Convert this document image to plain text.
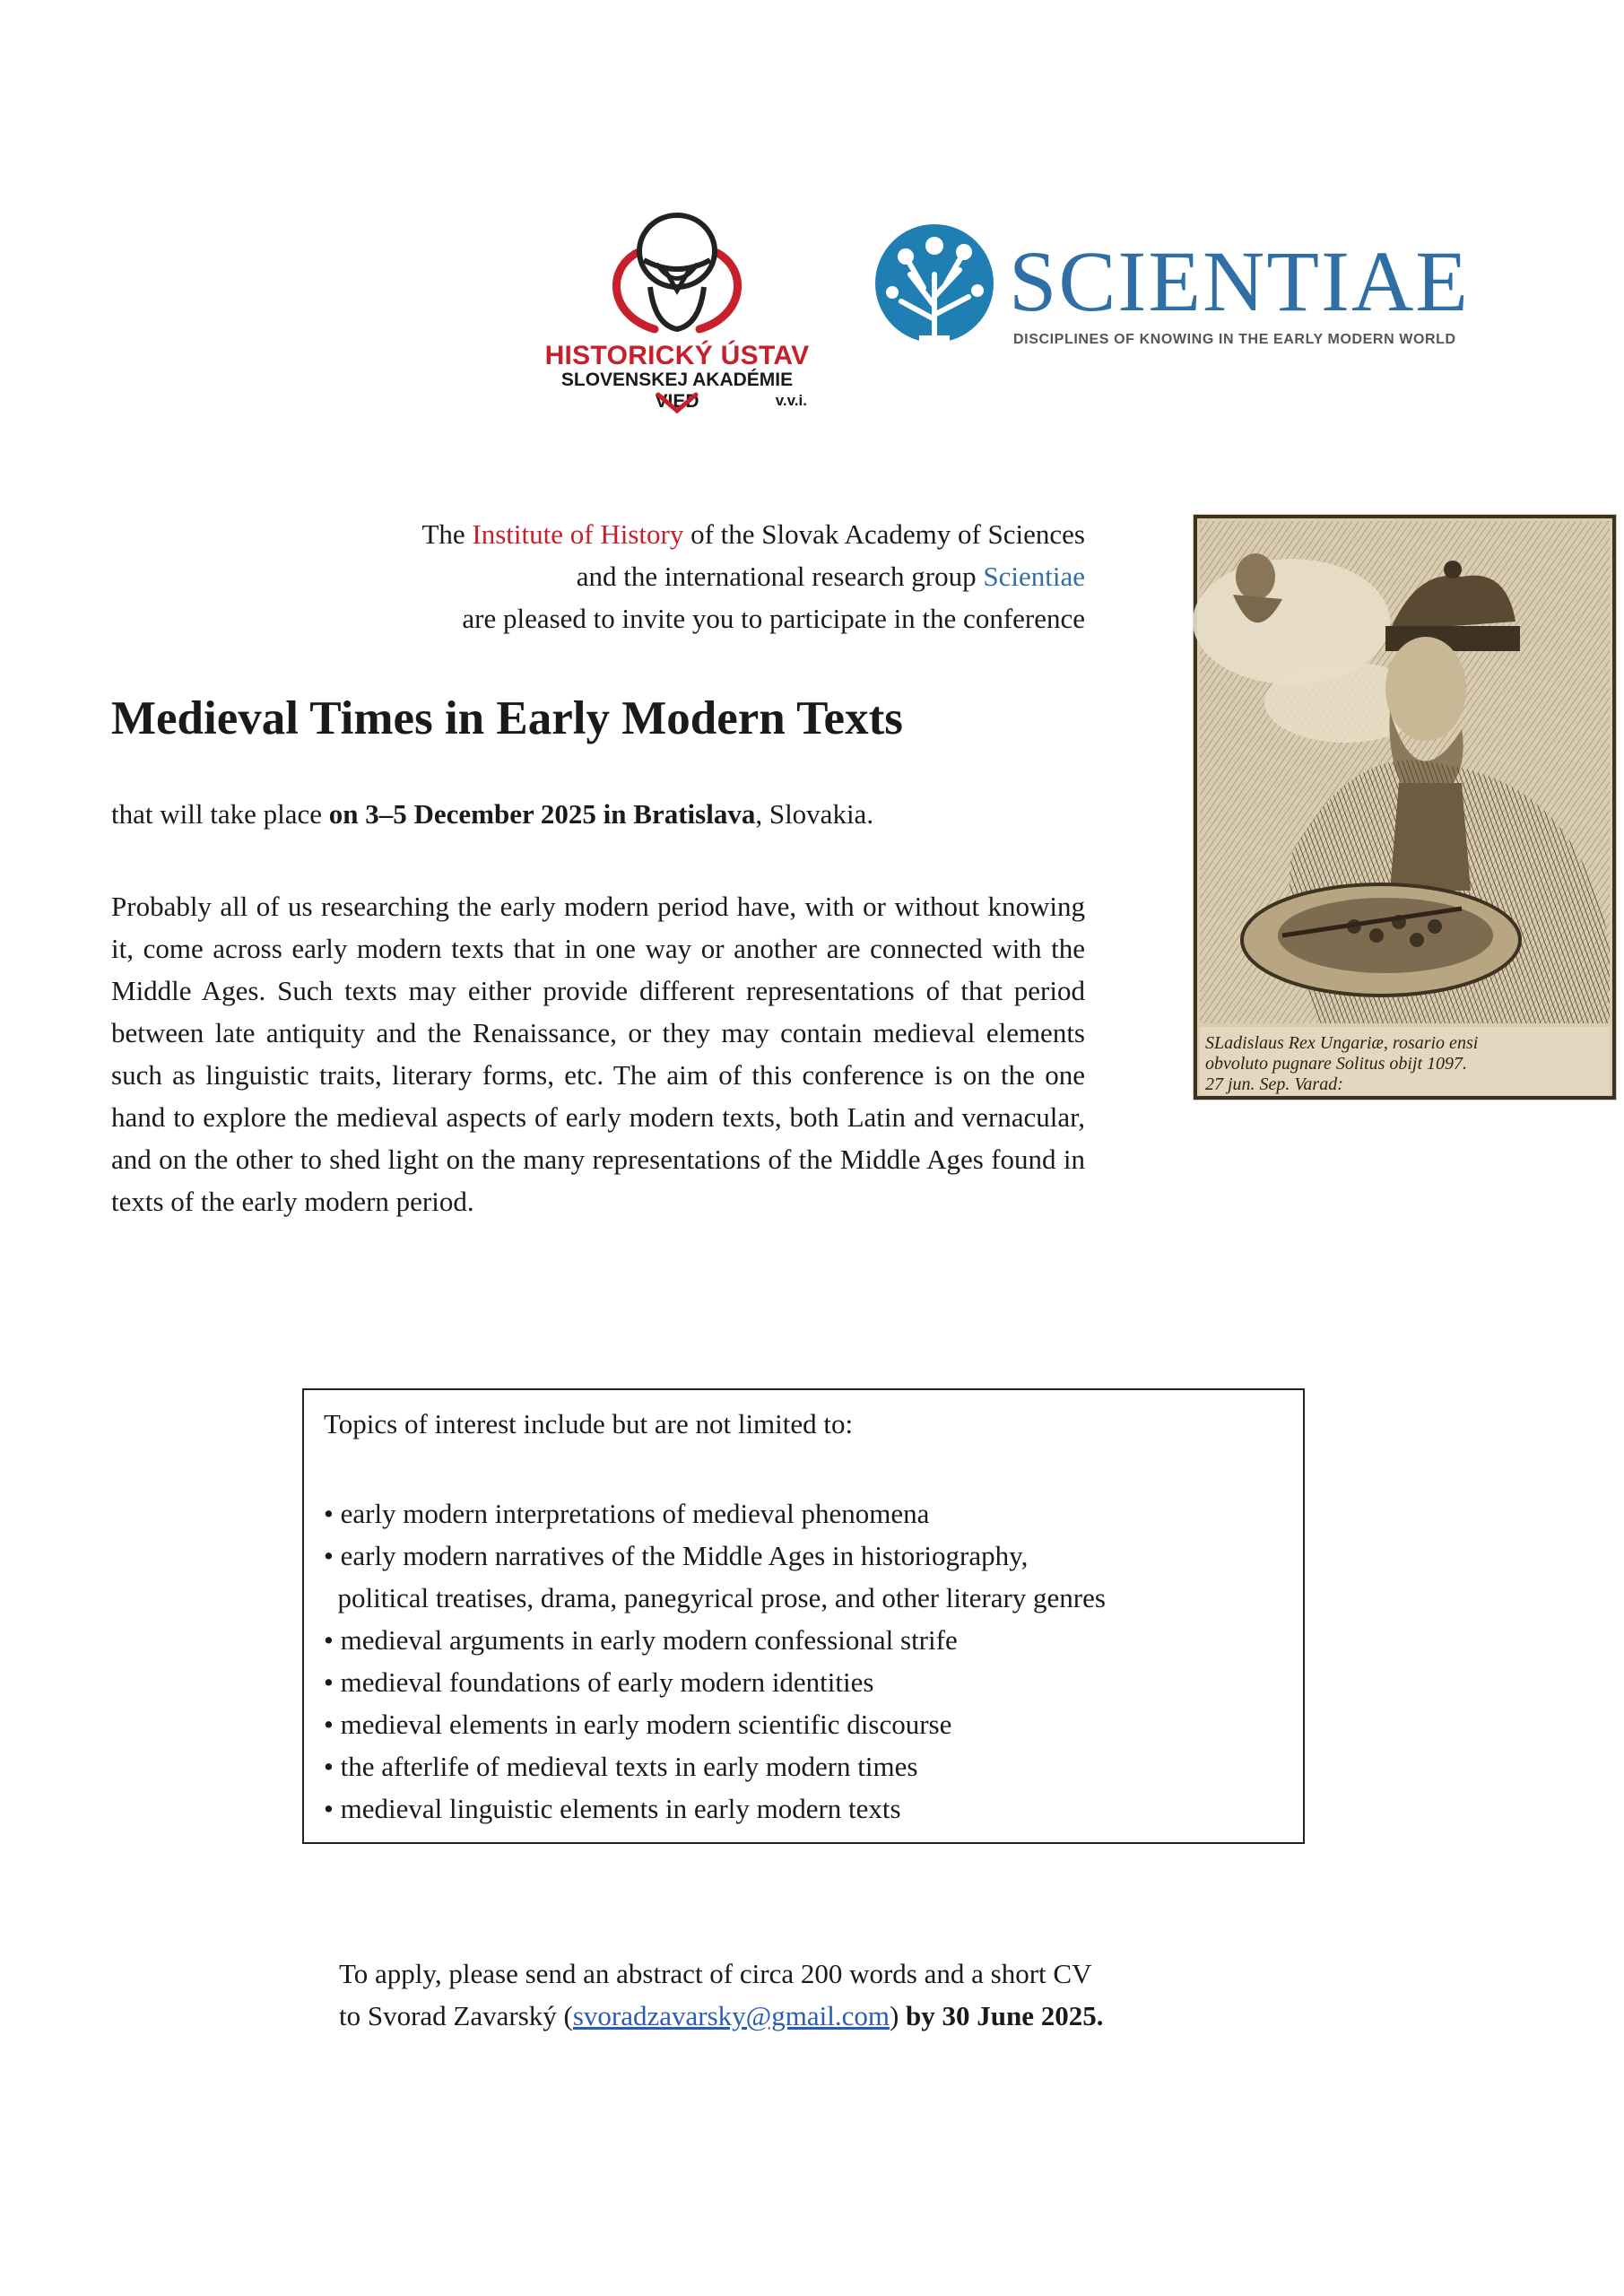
HISTORICKÝ ÚSTAV
SLOVENSKEJ AKADÉMIE VIED	v.v.i.
SCIENTIAE
DISCIPLINES OF KNOWING IN THE EARLY MODERN WORLD
The Institute of History of the Slovak Academy of Sciences
and the international research group Scientiae
are pleased to invite you to participate in the conference
SLadislaus Rex Ungariæ, rosario ensi
obvoluto pugnare Solitus obijt 1097.
27 jun. Sep. Varad:
Medieval Times in Early Modern Texts
that will take place on 3–5 December 2025 in Bratislava, Slovakia.
Probably all of us researching the early modern period have, with or without knowing it, come across early modern texts that in one way or another are connected with the Middle Ages. Such texts may either provide different representations of that period between late antiquity and the Renaissance, or they may contain medieval elements such as linguistic traits, literary forms, etc. The aim of this conference is on the one hand to explore the medieval aspects of early modern texts, both Latin and vernacular, and on the other to shed light on the many representations of the Middle Ages found in texts of the early modern period.
Topics of interest include but are not limited to:
• early modern interpretations of medieval phenomena
• early modern narratives of the Middle Ages in historiography,
political treatises, drama, panegyrical prose, and other literary genres
• medieval arguments in early modern confessional strife
• medieval foundations of early modern identities
• medieval elements in early modern scientific discourse
• the afterlife of medieval texts in early modern times
• medieval linguistic elements in early modern texts
To apply, please send an abstract of circa 200 words and a short CV
to Svorad Zavarský (svoradzavarsky@gmail.com) by 30 June 2025.
